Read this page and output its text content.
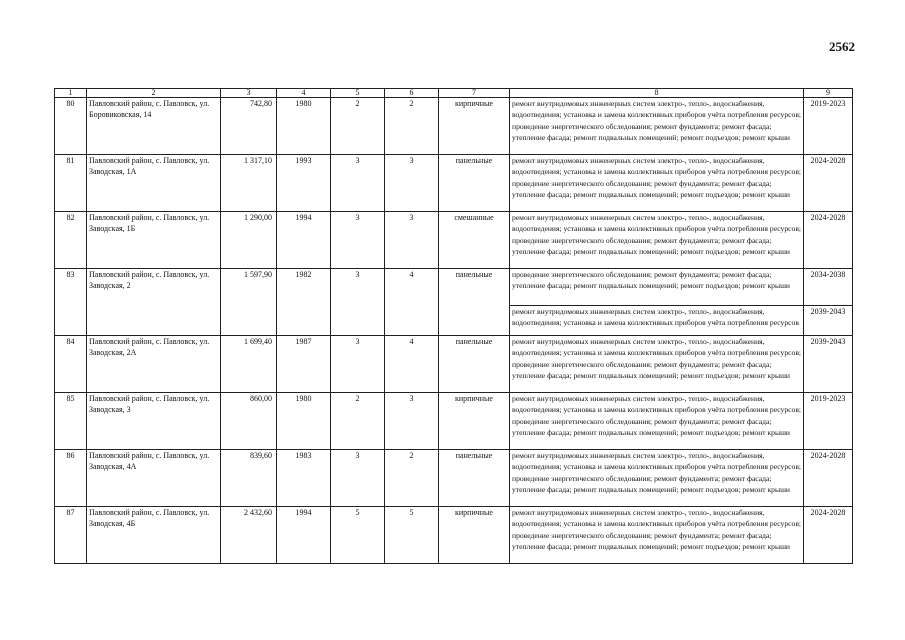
2562
1	2	3	4	5	6	7	8	9
80	Павловский район, с. Павловск, ул. Боровиковская, 14	742,80	1980	2	2	кирпичные	ремонт внутридомовых инженерных систем электро-, тепло-, водоснабжения, водоотведения; установка и замена коллективных приборов учёта потребления ресурсов; проведение энергетического обследования; ремонт фундамента; ремонт фасада; утепление фасада; ремонт подвальных помещений; ремонт подъездов; ремонт крыши	2019-2023
81	Павловский район, с. Павловск, ул. Заводская, 1А	1 317,10	1993	3	3	панельные	ремонт внутридомовых инженерных систем электро-, тепло-, водоснабжения, водоотведения; установка и замена коллективных приборов учёта потребления ресурсов; проведение энергетического обследования; ремонт фундамента; ремонт фасада; утепление фасада; ремонт подвальных помещений; ремонт подъездов; ремонт крыши	2024-2028
82	Павловский район, с. Павловск, ул. Заводская, 1Б	1 290,00	1994	3	3	смешанные	ремонт внутридомовых инженерных систем электро-, тепло-, водоснабжения, водоотведения; установка и замена коллективных приборов учёта потребления ресурсов; проведение энергетического обследования; ремонт фундамента; ремонт фасада; утепление фасада; ремонт подвальных помещений; ремонт подъездов; ремонт крыши	2024-2028
83	Павловский район, с. Павловск, ул. Заводская, 2	1 597,90	1982	3	4	панельные	проведение энергетического обследования; ремонт фундамента; ремонт фасада; утепление фасада; ремонт подвальных помещений; ремонт подъездов; ремонт крыши	2034-2038
							ремонт внутридомовых инженерных систем электро-, тепло-, водоснабжения, водоотведения; установка и замена коллективных приборов учёта потребления ресурсов	2039-2043
84	Павловский район, с. Павловск, ул. Заводская, 2А	1 699,40	1987	3	4	панельные	ремонт внутридомовых инженерных систем электро-, тепло-, водоснабжения, водоотведения; установка и замена коллективных приборов учёта потребления ресурсов; проведение энергетического обследования; ремонт фундамента; ремонт фасада; утепление фасада; ремонт подвальных помещений; ремонт подъездов; ремонт крыши	2039-2043
85	Павловский район, с. Павловск, ул. Заводская, 3	860,00	1980	2	3	кирпичные	ремонт внутридомовых инженерных систем электро-, тепло-, водоснабжения, водоотведения; установка и замена коллективных приборов учёта потребления ресурсов; проведение энергетического обследования; ремонт фундамента; ремонт фасада; утепление фасада; ремонт подвальных помещений; ремонт подъездов; ремонт крыши	2019-2023
86	Павловский район, с. Павловск, ул. Заводская, 4А	839,60	1983	3	2	панельные	ремонт внутридомовых инженерных систем электро-, тепло-, водоснабжения, водоотведения; установка и замена коллективных приборов учёта потребления ресурсов; проведение энергетического обследования; ремонт фундамента; ремонт фасада; утепление фасада; ремонт подвальных помещений; ремонт подъездов; ремонт крыши	2024-2028
87	Павловский район, с. Павловск, ул. Заводская, 4Б	2 432,60	1994	5	5	кирпичные	ремонт внутридомовых инженерных систем электро-, тепло-, водоснабжения, водоотведения; установка и замена коллективных приборов учёта потребления ресурсов; проведение энергетического обследования; ремонт фундамента; ремонт фасада; утепление фасада; ремонт подвальных помещений; ремонт подъездов; ремонт крыши	2024-2028
